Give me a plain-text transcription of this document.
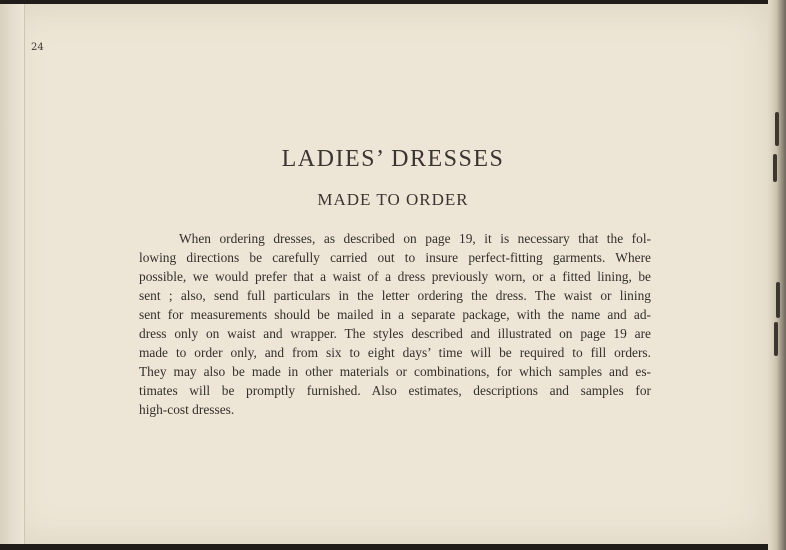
24
LADIES’ DRESSES
MADE TO ORDER

When ordering dresses, as described on page 19, it is necessary that the fol-
lowing directions be carefully carried out to insure perfect-fitting garments. Where
possible, we would prefer that a waist of a dress previously worn, or a fitted lining, be
sent ; also, send full particulars in the letter ordering the dress. The waist or lining
sent for measurements should be mailed in a separate package, with the name and ad-
dress only on waist and wrapper. The styles described and illustrated on page 19 are
made to order only, and from six to eight days’ time will be required to fill orders.
They may also be made in other materials or combinations, for which samples and es-
timates will be promptly furnished. Also estimates, descriptions and samples for
high-cost dresses.
